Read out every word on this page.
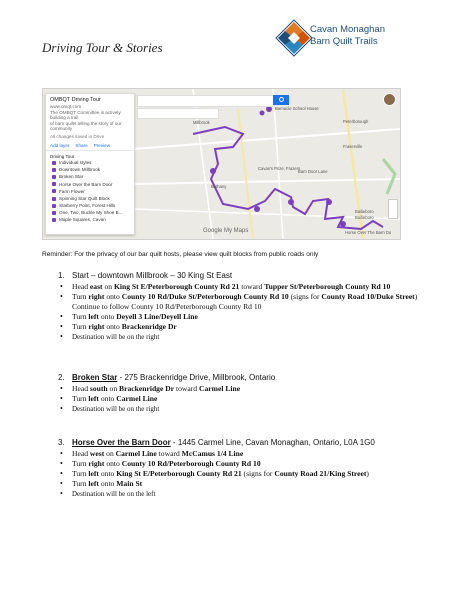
Driving Tour & Stories
Cavan Monaghan
Barn Quilt Trails
OMBQT Driving Tour
www.omqt.com
The OMBQT Committee is actively building a trail
of barn quilts telling the story of our community
All changes saved in Drive
Add layer Share Preview
Driving Tour
Individual styles
Downtown Millbrook
Broken Star
Horse Over the Barn Door
Farm Flower
Spinning Star Quilt Block
Starberry Point, Forest Hills
One, Two, Buckle My Shoe B...
Maple Squares, Cavan
Millbrook	Peterborough
Bailieboro
Barn Door Lane
Bethany
Fraserville
Barnacle School House
Cavan's Prize, Frazers
Horse Over The Barn Do
Bailieboro
Google My Maps
Reminder: For the privacy of our bar quilt hosts, please view quilt blocks from public roads only
1. Start – downtown Millbrook – 30 King St East
• Head east on King St E/Peterborough County Rd 21 toward Tupper St/Peterborough County Rd 10
• Turn right onto County 10 Rd/Duke St/Peterborough County Rd 10 (signs for County Road 10/Duke Street) Continue to follow County 10 Rd/Peterborough County Rd 10
• Turn left onto Deyell 3 Line/Deyell Line
• Turn right onto Brackenridge Dr
• Destination will be on the right
2. Broken Star - 275 Brackenridge Drive, Millbrook, Ontario
• Head south on Brackenridge Dr toward Carmel Line
• Turn left onto Carmel Line
• Destination will be on the right
3. Horse Over the Barn Door - 1445 Carmel Line, Cavan Monaghan, Ontario, L0A 1G0
• Head west on Carmel Line toward McCamus 1/4 Line
• Turn right onto County 10 Rd/Peterborough County Rd 10
• Turn left onto King St E/Peterborough County Rd 21 (signs for County Road 21/King Street)
• Turn left onto Main St
• Destination will be on the left
